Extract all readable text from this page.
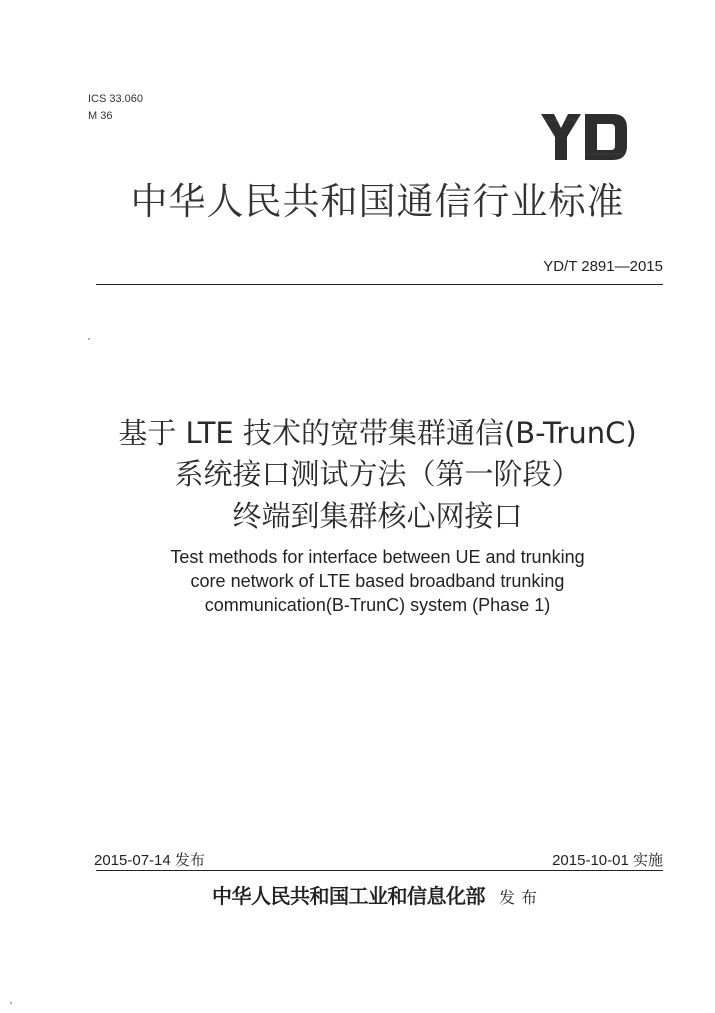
ICS 33.060
M 36
中华人民共和国通信行业标准
YD/T 2891—2015
基于 LTE 技术的宽带集群通信(B-TrunC)
系统接口测试方法（第一阶段）
终端到集群核心网接口
Test methods for interface between UE and trunking
core network of LTE based broadband trunking
communication(B-TrunC) system (Phase 1)
2015-07-14 发布	2015-10-01 实施
中华人民共和国工业和信息化部 发布
